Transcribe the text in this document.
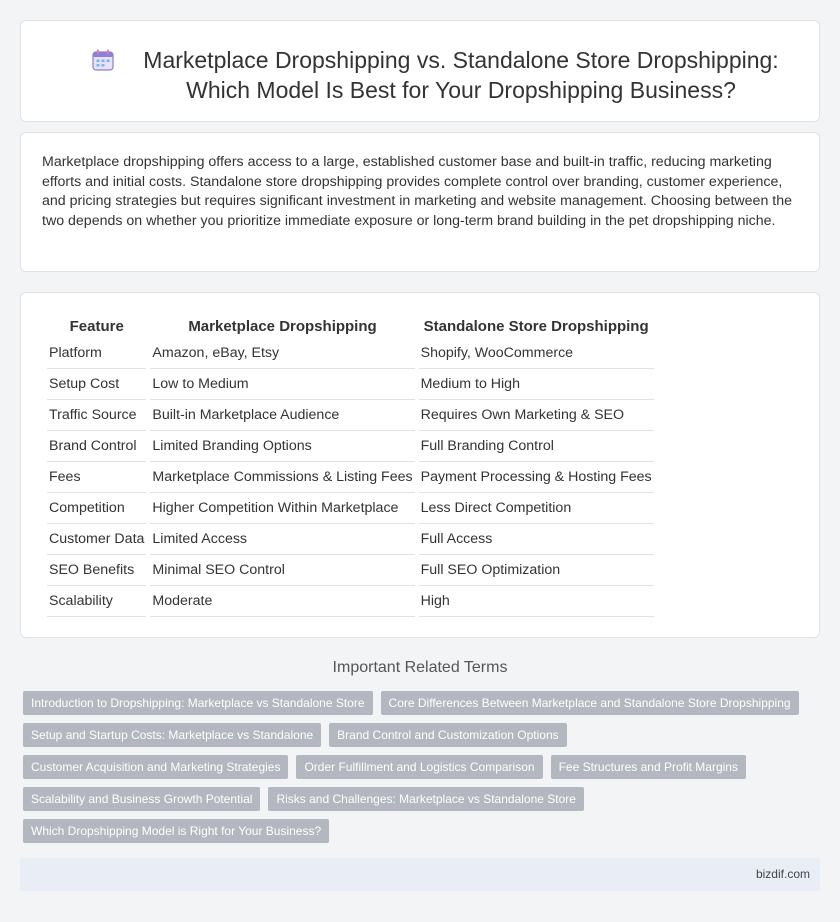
Marketplace Dropshipping vs. Standalone Store Dropshipping: Which Model Is Best for Your Dropshipping Business?

Marketplace dropshipping offers access to a large, established customer base and built-in traffic, reducing marketing efforts and initial costs. Standalone store dropshipping provides complete control over branding, customer experience, and pricing strategies but requires significant investment in marketing and website management. Choosing between the two depends on whether you prioritize immediate exposure or long-term brand building in the pet dropshipping niche.

Feature	Marketplace Dropshipping	Standalone Store Dropshipping
Platform	Amazon, eBay, Etsy	Shopify, WooCommerce
Setup Cost	Low to Medium	Medium to High
Traffic Source	Built-in Marketplace Audience	Requires Own Marketing & SEO
Brand Control	Limited Branding Options	Full Branding Control
Fees	Marketplace Commissions & Listing Fees	Payment Processing & Hosting Fees
Competition	Higher Competition Within Marketplace	Less Direct Competition
Customer Data	Limited Access	Full Access
SEO Benefits	Minimal SEO Control	Full SEO Optimization
Scalability	Moderate	High
Important Related Terms
Introduction to Dropshipping: Marketplace vs Standalone Store	Core Differences Between Marketplace and Standalone Store Dropshipping
Setup and Startup Costs: Marketplace vs Standalone	Brand Control and Customization Options
Customer Acquisition and Marketing Strategies	Order Fulfillment and Logistics Comparison	Fee Structures and Profit Margins
Scalability and Business Growth Potential	Risks and Challenges: Marketplace vs Standalone Store
Which Dropshipping Model is Right for Your Business?
bizdif.com
